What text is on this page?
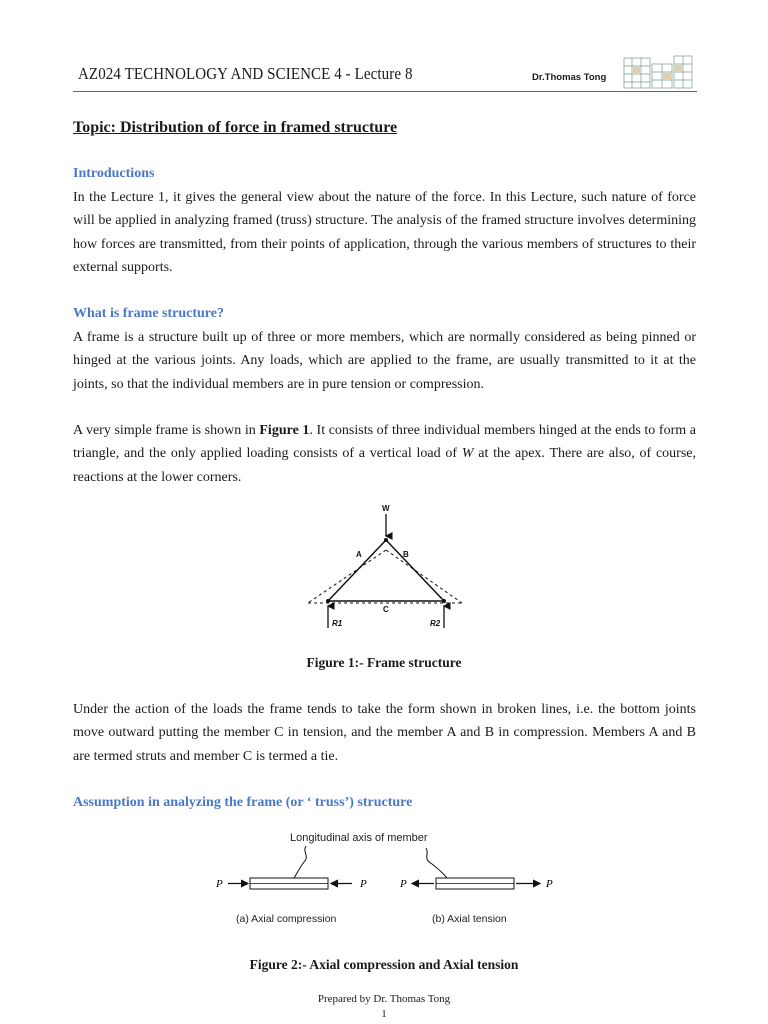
AZ024 TECHNOLOGY AND SCIENCE 4 - Lecture 8	Dr.Thomas Tong
Topic: Distribution of force in framed structure
Introductions
In the Lecture 1, it gives the general view about the nature of the force. In this Lecture, such nature of force will be applied in analyzing framed (truss) structure. The analysis of the framed structure involves determining how forces are transmitted, from their points of application, through the various members of structures to their external supports.
What is frame structure?
A frame is a structure built up of three or more members, which are normally considered as being pinned or hinged at the various joints. Any loads, which are applied to the frame, are usually transmitted to it at the joints, so that the individual members are in pure tension or compression.
A very simple frame is shown in Figure 1. It consists of three individual members hinged at the ends to form a triangle, and the only applied loading consists of a vertical load of W at the apex. There are also, of course, reactions at the lower corners.
W
A	B
C
R1	R2
Figure 1:- Frame structure
Under the action of the loads the frame tends to take the form shown in broken lines, i.e. the bottom joints move outward putting the member C in tension, and the member A and B in compression. Members A and B are termed struts and member C is termed a tie.
Assumption in analyzing the frame (or ‘ truss’) structure
Longitudinal axis of member
P	P	P	P
(a) Axial compression	(b) Axial tension
Figure 2:- Axial compression and Axial tension
Prepared by Dr. Thomas Tong
1
